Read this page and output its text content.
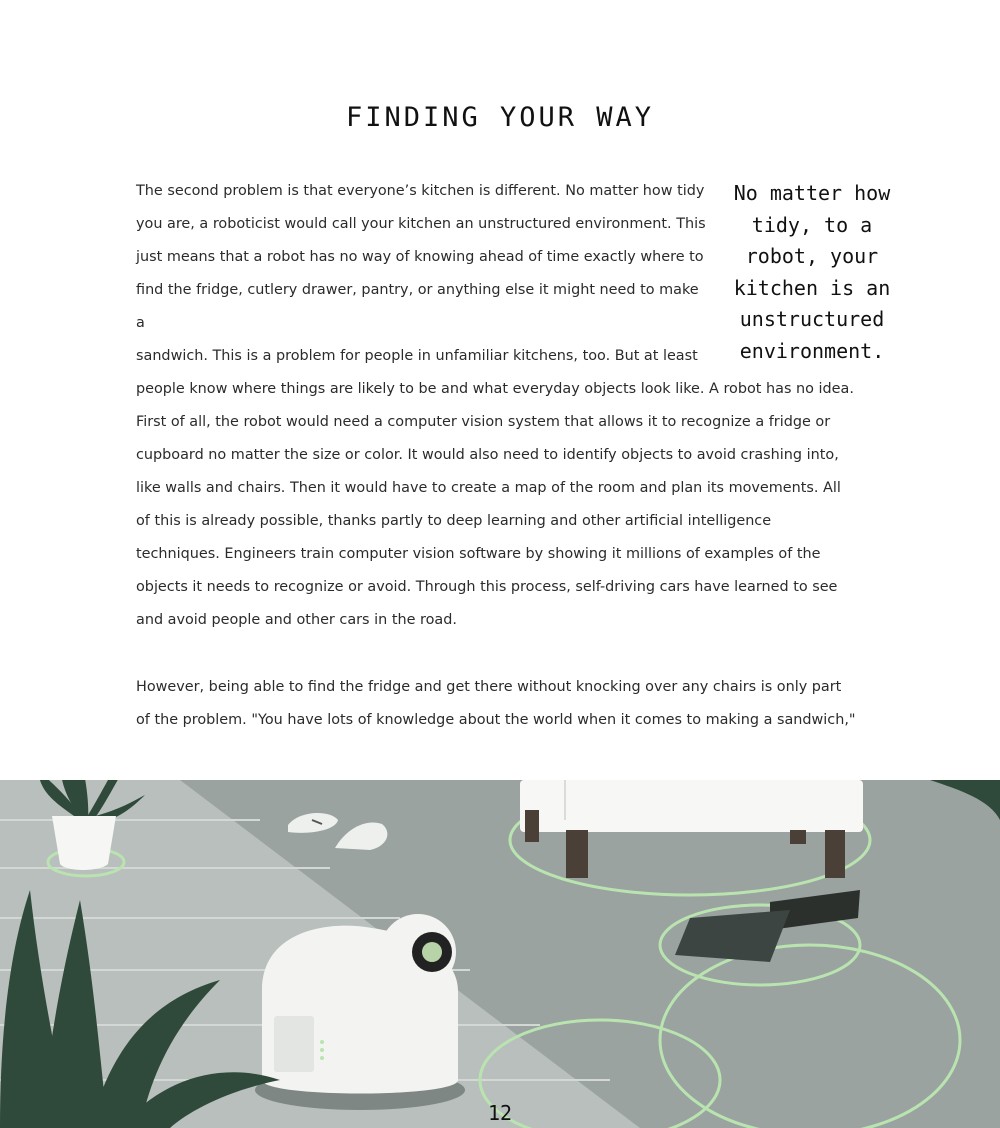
FINDING YOUR WAY
The second problem is that everyone’s kitchen is different. No matter how tidy
you are, a roboticist would call your kitchen an unstructured environment. This
just means that a robot has no way of knowing ahead of time exactly where to
find the fridge, cutlery drawer, pantry, or anything else it might need to make a
sandwich. This is a problem for people in unfamiliar kitchens, too. But at least
people know where things are likely to be and what everyday objects look like. A robot has no idea.
No matter how tidy, to a robot, your kitchen is an unstructured environment.

First of all, the robot would need a computer vision system that allows it to recognize a fridge or cupboard no matter the size or color. It would also need to identify objects to avoid crashing into, like walls and chairs. Then it would have to create a map of the room and plan its movements. All of this is already possible, thanks partly to deep learning and other artificial intelligence techniques. Engineers train computer vision software by showing it millions of examples of the objects it needs to recognize or avoid. Through this process, self-driving cars have learned to see and avoid people and other cars in the road.

However, being able to find the fridge and get there without knocking over any chairs is only part of the problem. "You have lots of knowledge about the world when it comes to making a sandwich,"

12
